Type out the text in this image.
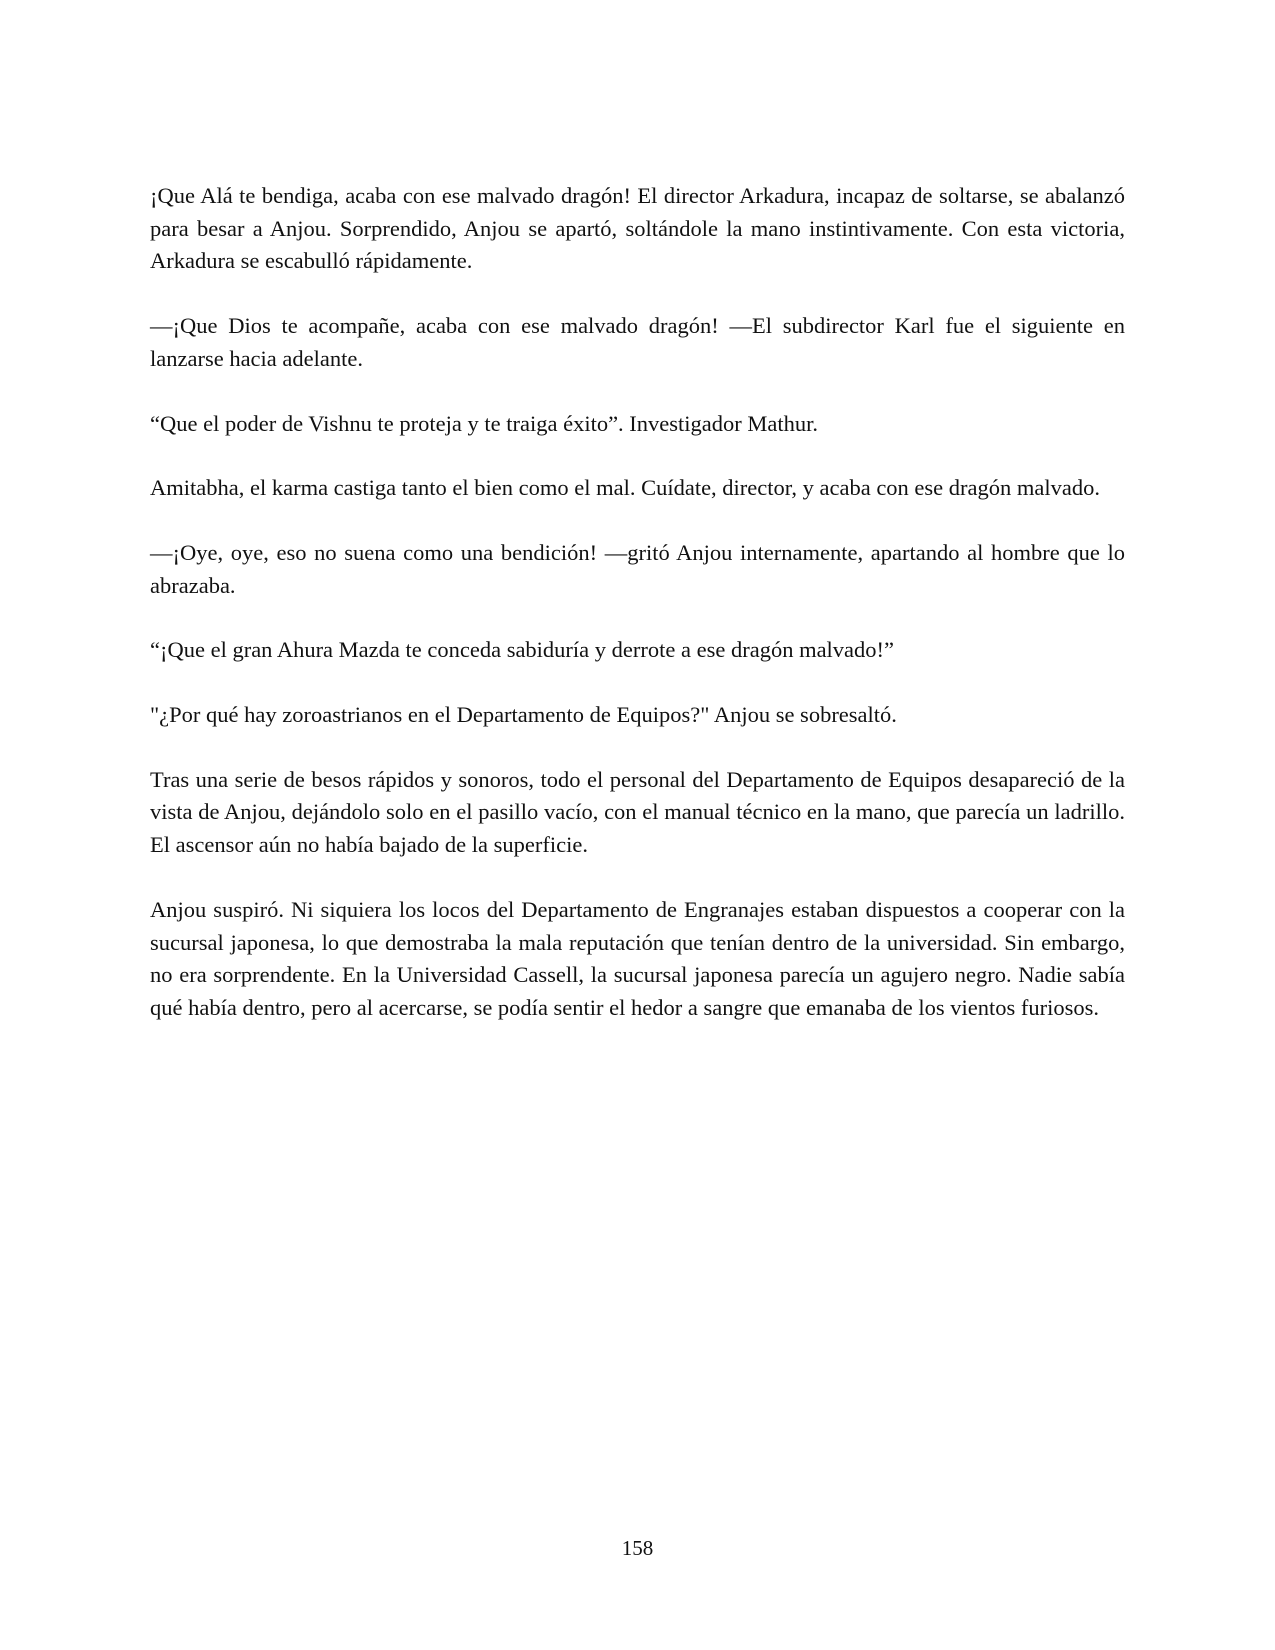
¡Que Alá te bendiga, acaba con ese malvado dragón! El director Arkadura, incapaz de soltarse, se abalanzó para besar a Anjou. Sorprendido, Anjou se apartó, soltándole la mano instintivamente. Con esta victoria, Arkadura se escabulló rápidamente.

—¡Que Dios te acompañe, acaba con ese malvado dragón! —El subdirector Karl fue el siguiente en lanzarse hacia adelante.

“Que el poder de Vishnu te proteja y te traiga éxito”. Investigador Mathur.

Amitabha, el karma castiga tanto el bien como el mal. Cuídate, director, y acaba con ese dragón malvado.

—¡Oye, oye, eso no suena como una bendición! —gritó Anjou internamente, apartando al hombre que lo abrazaba.

“¡Que el gran Ahura Mazda te conceda sabiduría y derrote a ese dragón malvado!”

"¿Por qué hay zoroastrianos en el Departamento de Equipos?" Anjou se sobresaltó.

Tras una serie de besos rápidos y sonoros, todo el personal del Departamento de Equipos desapareció de la vista de Anjou, dejándolo solo en el pasillo vacío, con el manual técnico en la mano, que parecía un ladrillo. El ascensor aún no había bajado de la superficie.

Anjou suspiró. Ni siquiera los locos del Departamento de Engranajes estaban dispuestos a cooperar con la sucursal japonesa, lo que demostraba la mala reputación que tenían dentro de la universidad. Sin embargo, no era sorprendente. En la Universidad Cassell, la sucursal japonesa parecía un agujero negro. Nadie sabía qué había dentro, pero al acercarse, se podía sentir el hedor a sangre que emanaba de los vientos furiosos.

158
